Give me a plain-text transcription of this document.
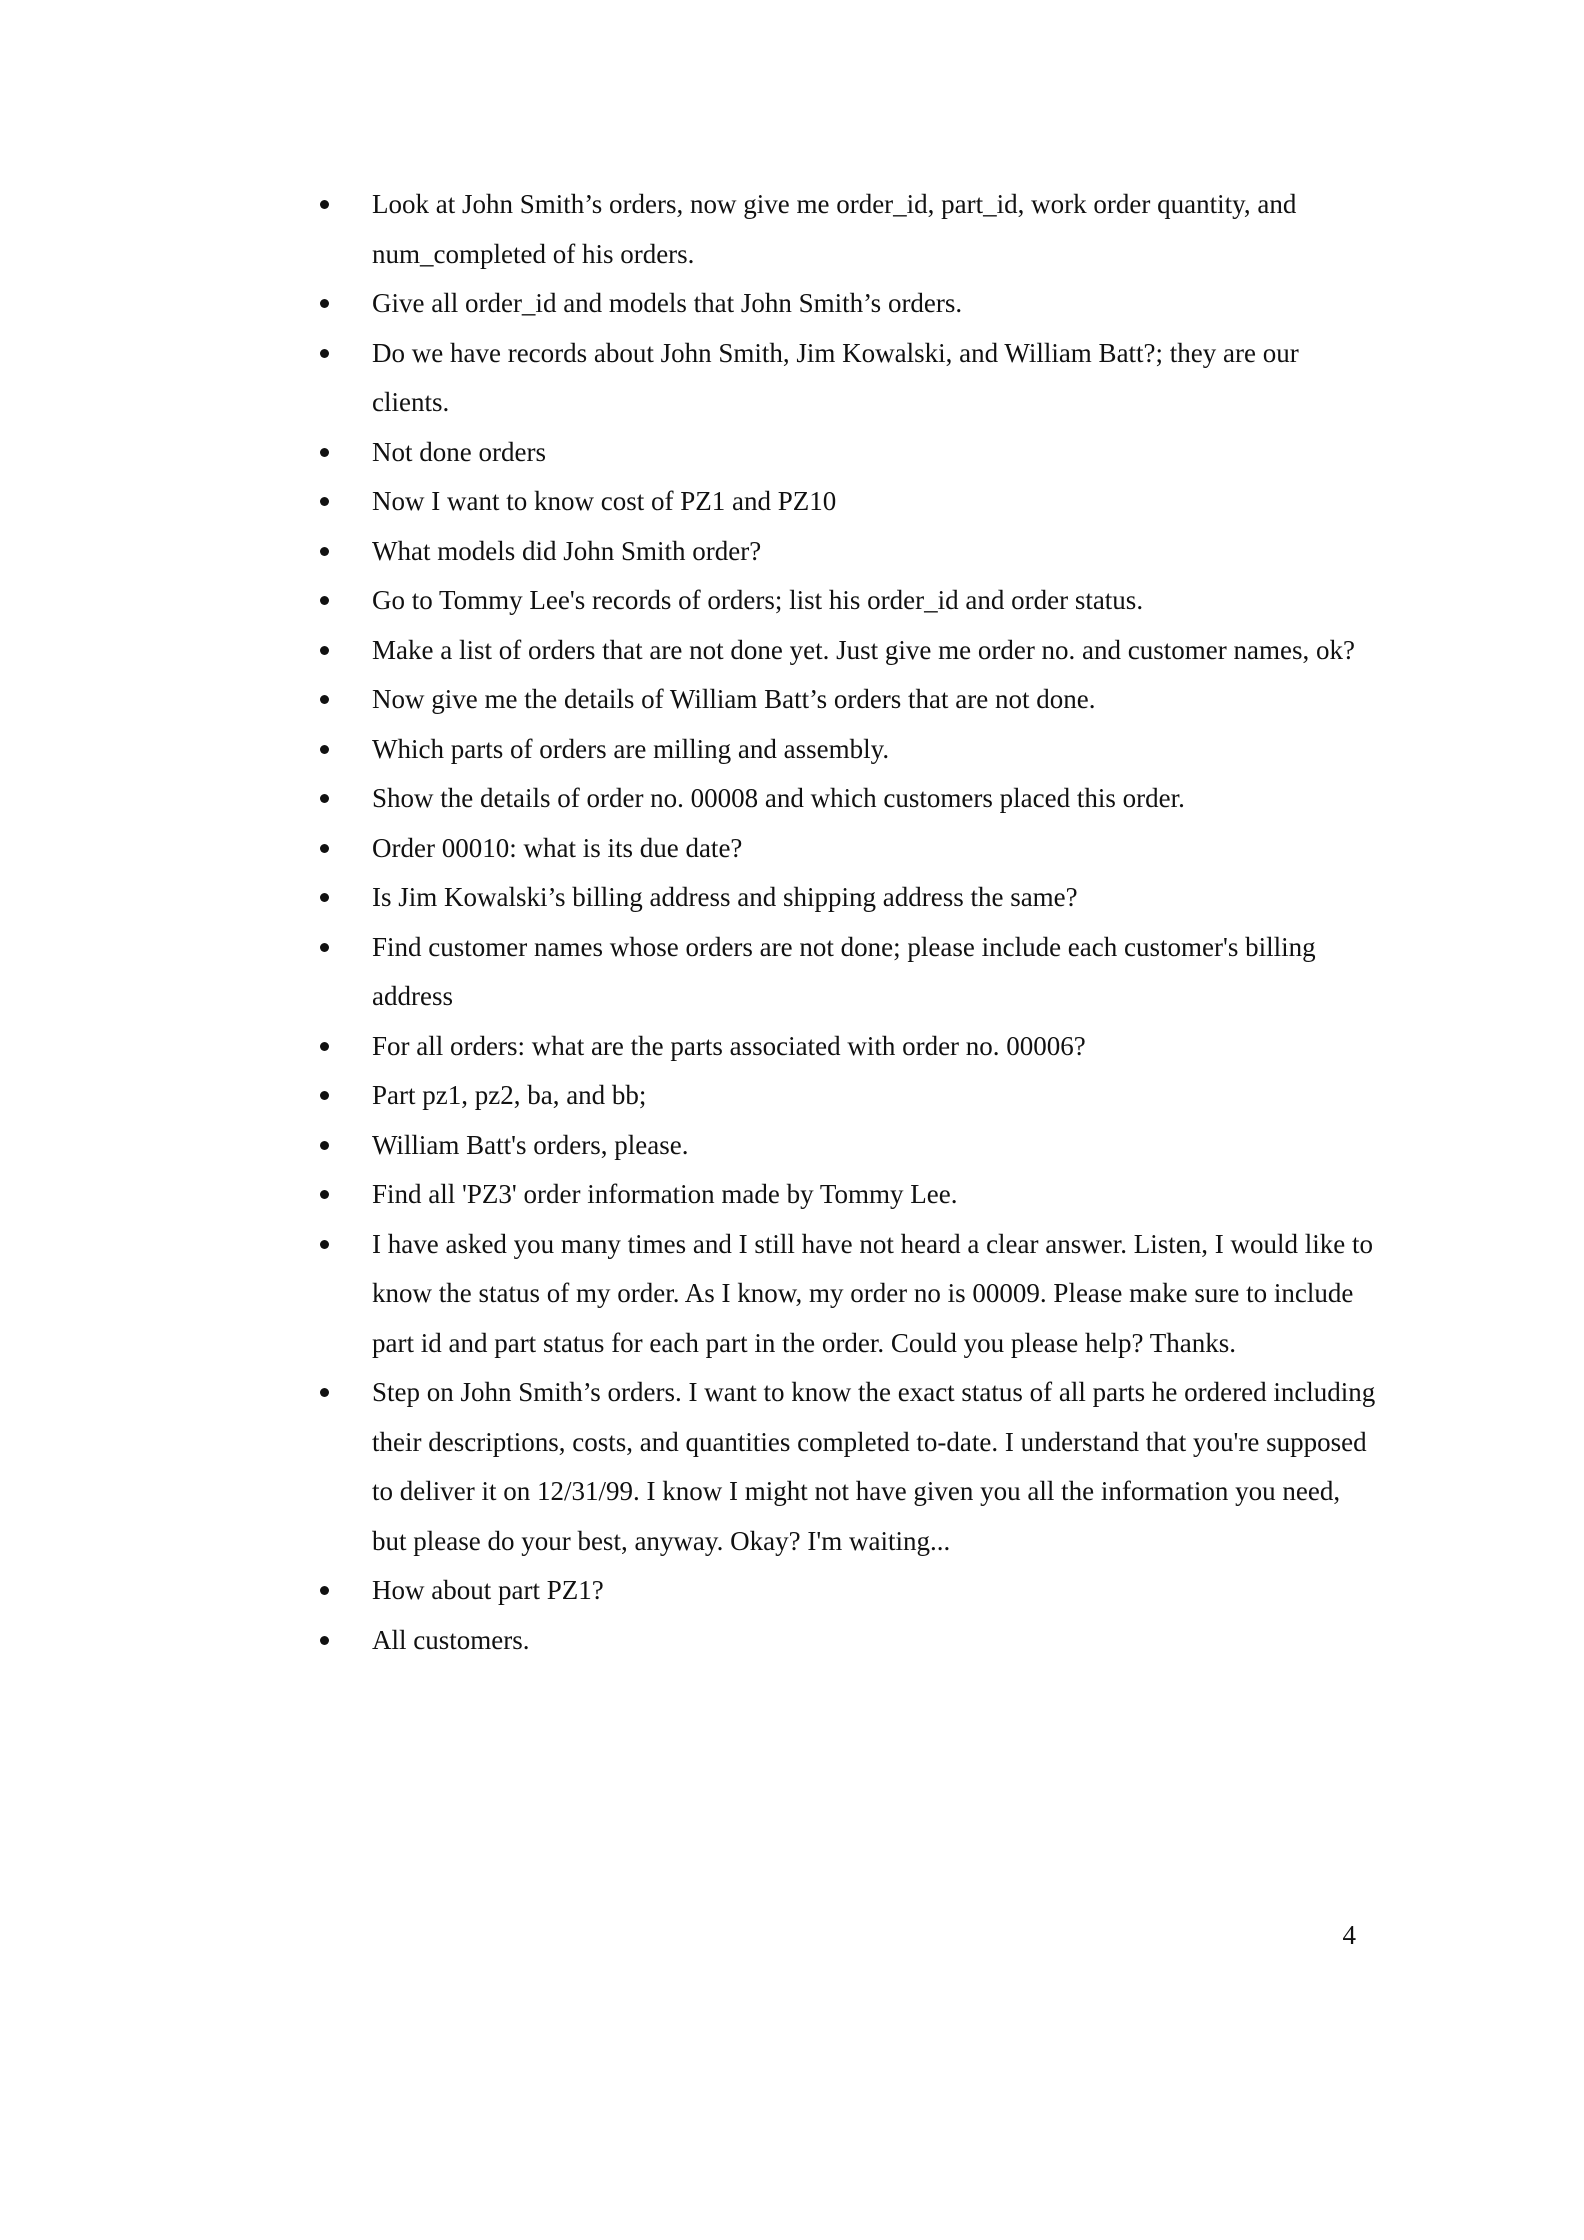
Look at John Smith’s orders, now give me order_id, part_id, work order quantity, and num_completed of his orders.
Give all order_id and models that John Smith’s orders.
Do we have records about John Smith, Jim Kowalski, and William Batt?; they are our clients.
Not done orders
Now I want to know cost of PZ1 and PZ10
What models did John Smith order?
Go to Tommy Lee's records of orders; list his order_id and order status.
Make a list of orders that are not done yet. Just give me order no. and customer names, ok?
Now give me the details of William Batt’s orders that are not done.
Which parts of orders are milling and assembly.
Show the details of order no. 00008 and which customers placed this order.
Order 00010: what is its due date?
Is Jim Kowalski’s billing address and shipping address the same?
Find customer names whose orders are not done; please include each customer's billing address
For all orders: what are the parts associated with order no. 00006?
Part pz1, pz2, ba, and bb;
William Batt's orders, please.
Find all 'PZ3' order information made by Tommy Lee.
I have asked you many times and I still have not heard a clear answer. Listen, I would like to know the status of my order. As I know, my order no is 00009. Please make sure to include part id and part status for each part in the order. Could you please help? Thanks.
Step on John Smith’s orders. I want to know the exact status of all parts he ordered including their descriptions, costs, and quantities completed to-date. I understand that you're supposed to deliver it on 12/31/99. I know I might not have given you all the information you need, but please do your best, anyway. Okay? I'm waiting...
How about part PZ1?
All customers.
4
